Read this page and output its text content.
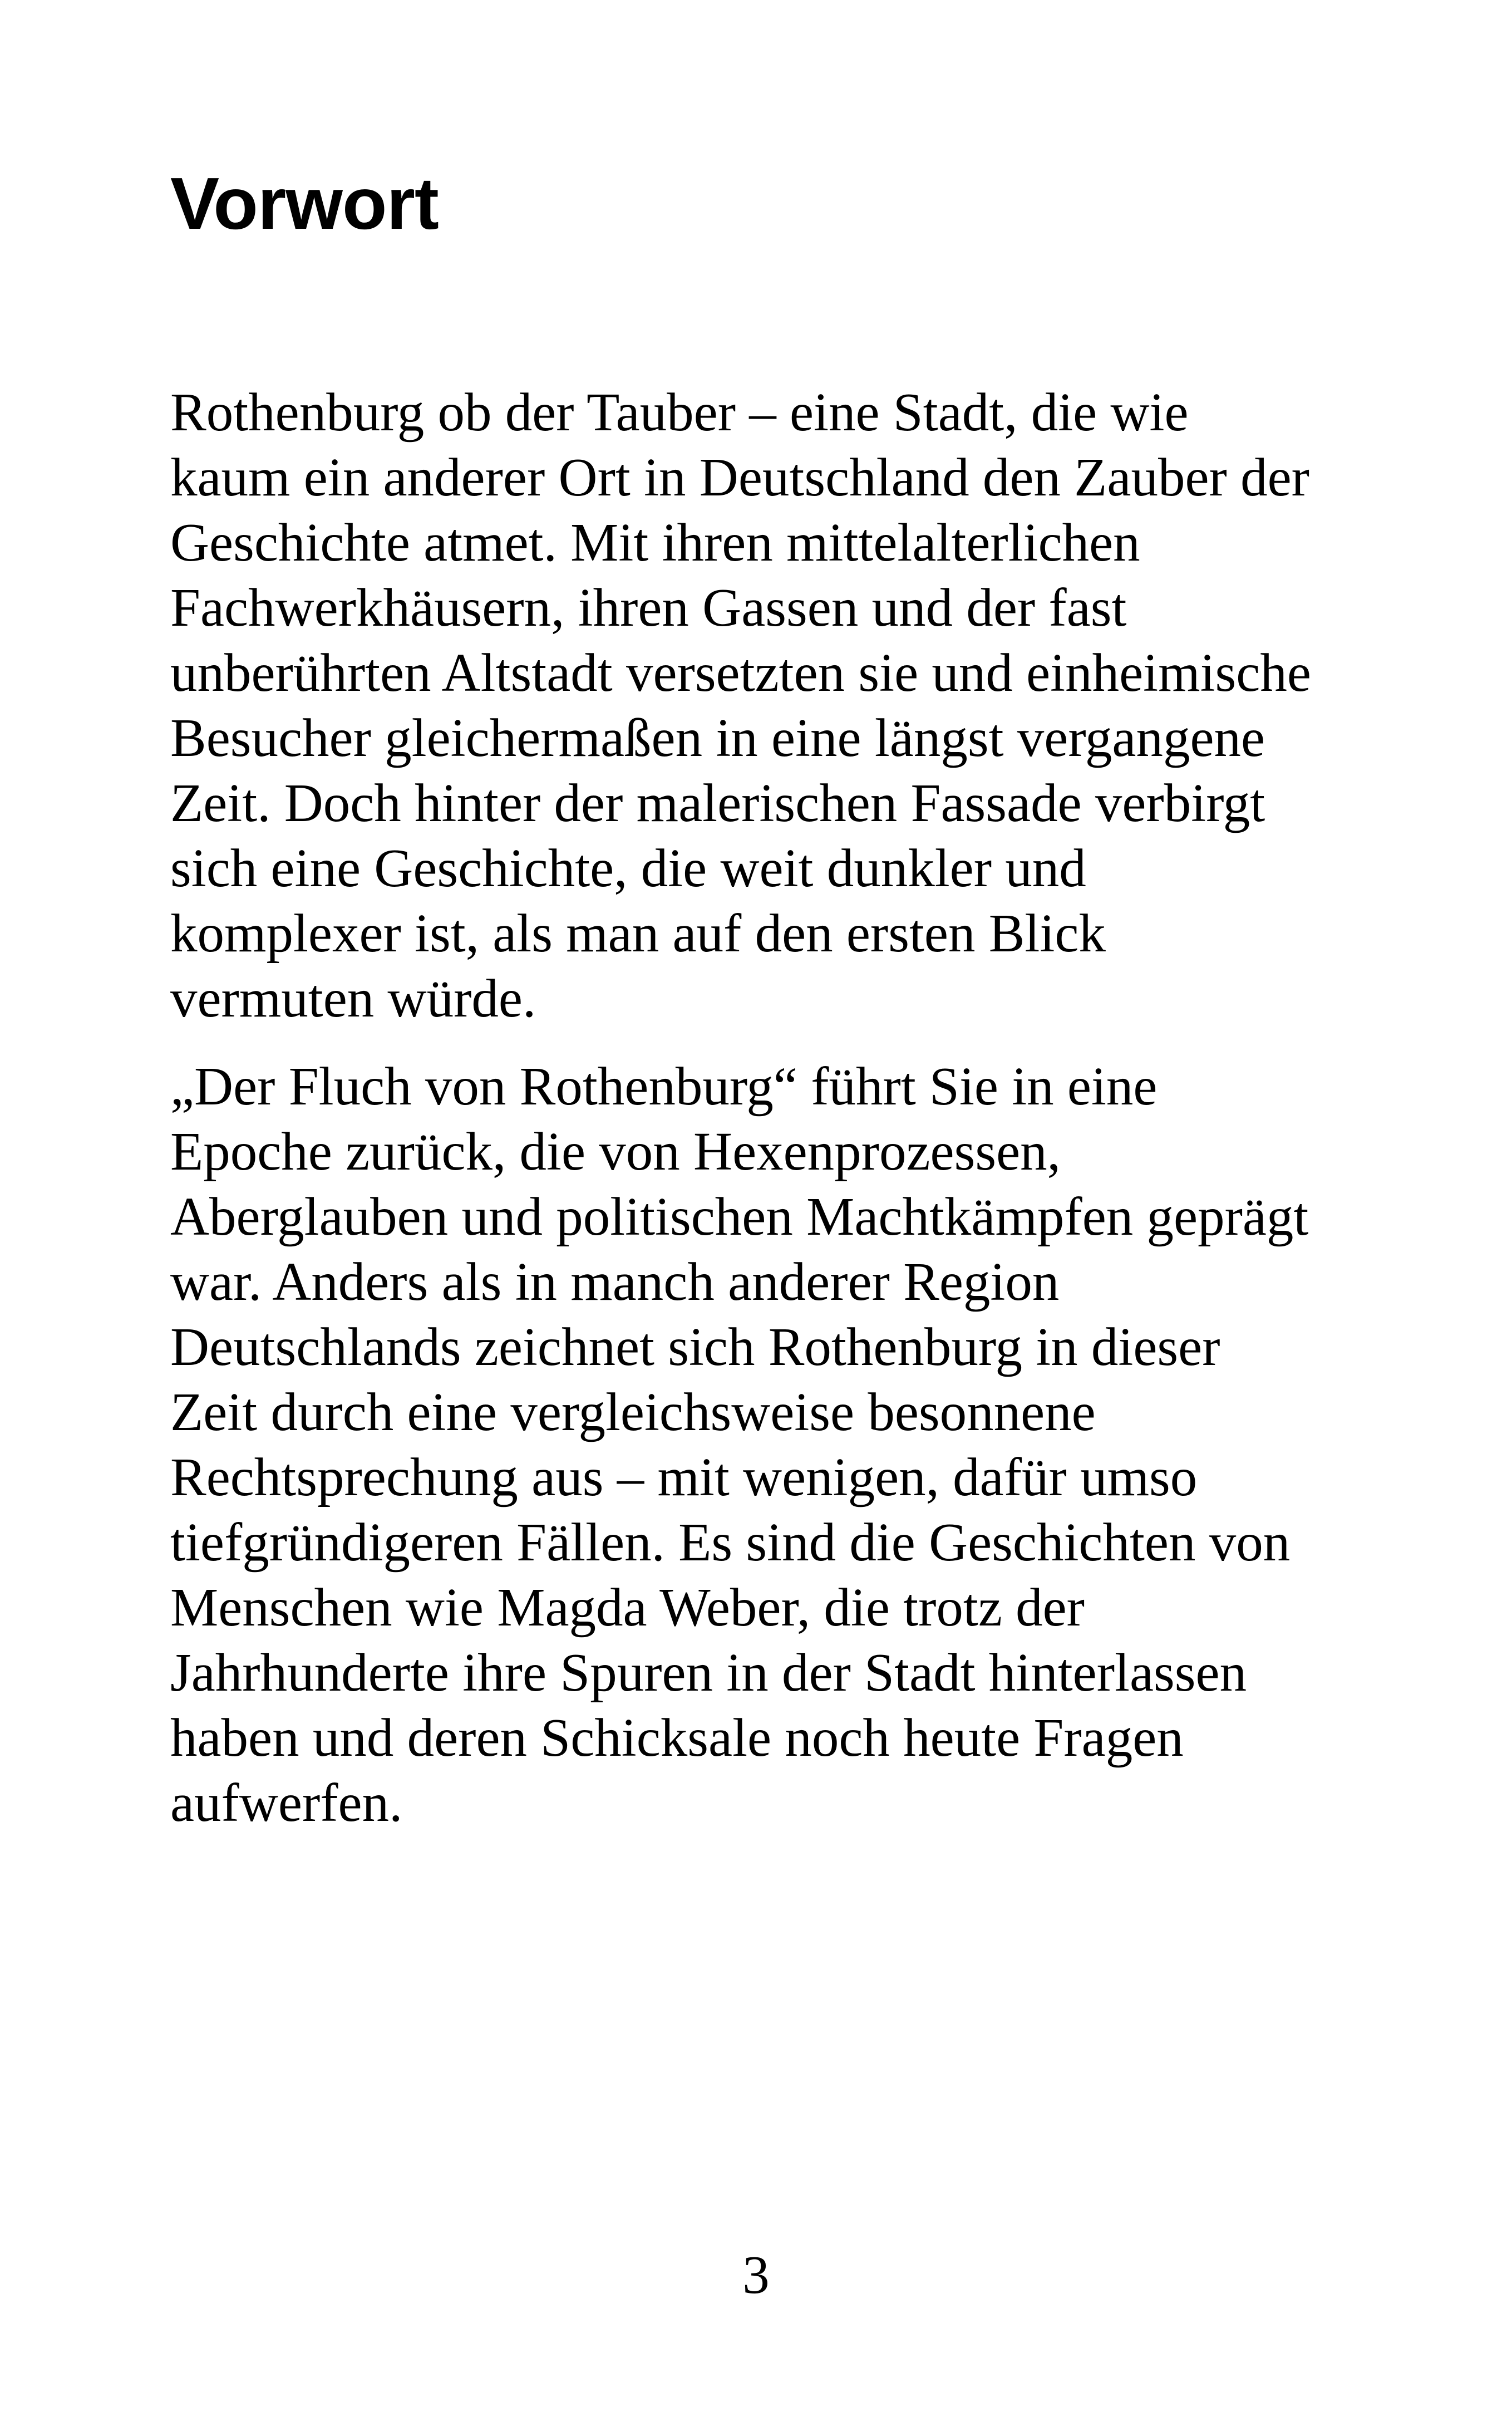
Vorwort

Rothenburg ob der Tauber – eine Stadt, die wie
kaum ein anderer Ort in Deutschland den Zauber der
Geschichte atmet. Mit ihren mittelalterlichen
Fachwerkhäusern, ihren Gassen und der fast
unberührten Altstadt versetzten sie und einheimische
Besucher gleichermaßen in eine längst vergangene
Zeit. Doch hinter der malerischen Fassade verbirgt
sich eine Geschichte, die weit dunkler und
komplexer ist, als man auf den ersten Blick
vermuten würde.

„Der Fluch von Rothenburg“ führt Sie in eine
Epoche zurück, die von Hexenprozessen,
Aberglauben und politischen Machtkämpfen geprägt
war. Anders als in manch anderer Region
Deutschlands zeichnet sich Rothenburg in dieser
Zeit durch eine vergleichsweise besonnene
Rechtsprechung aus – mit wenigen, dafür umso
tiefgründigeren Fällen. Es sind die Geschichten von
Menschen wie Magda Weber, die trotz der
Jahrhunderte ihre Spuren in der Stadt hinterlassen
haben und deren Schicksale noch heute Fragen
aufwerfen.

3
